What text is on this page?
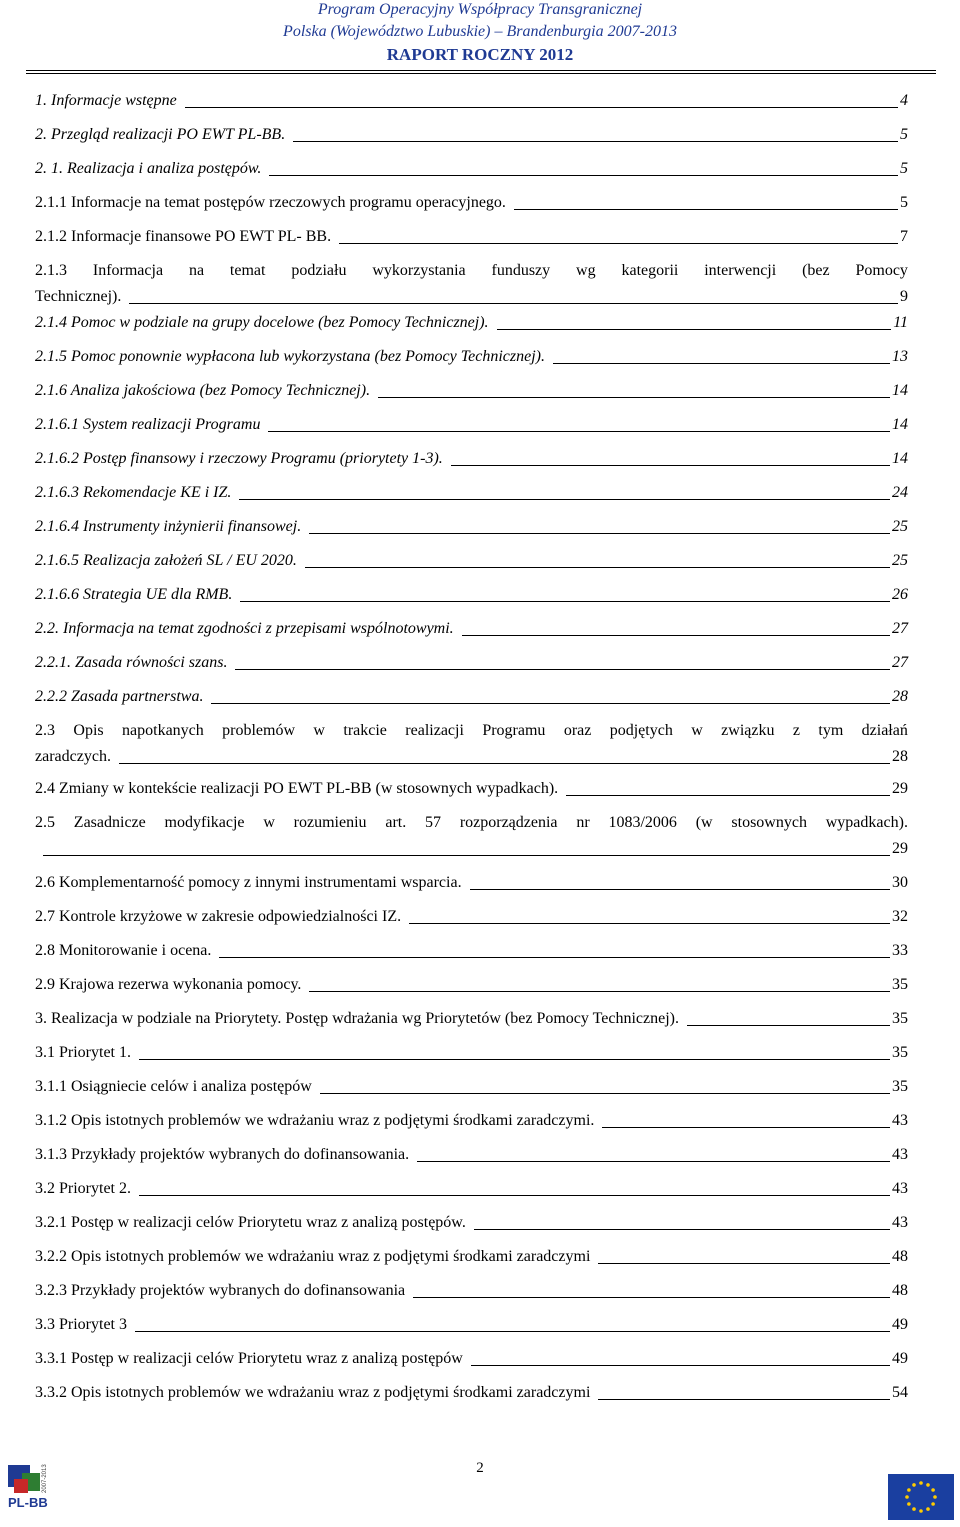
Program Operacyjny Współpracy Transgranicznej
Polska (Województwo Lubuskie) – Brandenburgia 2007-2013
RAPORT ROCZNY 2012
1. Informacje wstępne	4
2. Przegląd realizacji PO EWT PL-BB.	5
2. 1. Realizacja i analiza postępów.	5
2.1.1 Informacje na temat postępów rzeczowych programu operacyjnego.	5
2.1.2 Informacje finansowe PO EWT PL- BB.	7
2.1.3 Informacja na temat podziału wykorzystania funduszy wg kategorii interwencji (bez Pomocy
Technicznej).	9
2.1.4 Pomoc w podziale na grupy docelowe (bez Pomocy Technicznej).	11
2.1.5 Pomoc ponownie wypłacona lub wykorzystana (bez Pomocy Technicznej).	13
2.1.6 Analiza jakościowa (bez Pomocy Technicznej).	14
2.1.6.1 System realizacji Programu	14
2.1.6.2 Postęp finansowy i rzeczowy Programu (priorytety 1-3).	14
2.1.6.3 Rekomendacje KE i IZ.	24
2.1.6.4 Instrumenty inżynierii finansowej.	25
2.1.6.5 Realizacja założeń SL / EU 2020.	25
2.1.6.6 Strategia UE dla RMB.	26
2.2. Informacja na temat zgodności z przepisami wspólnotowymi.	27
2.2.1. Zasada równości szans.	27
2.2.2 Zasada partnerstwa.	28
2.3 Opis napotkanych problemów w trakcie realizacji Programu oraz podjętych w związku z tym działań
zaradczych.	28
2.4 Zmiany w kontekście realizacji PO EWT PL-BB (w stosownych wypadkach).	29
2.5 Zasadnicze modyfikacje w rozumieniu art. 57 rozporządzenia nr 1083/2006 (w stosownych wypadkach).
29
2.6 Komplementarność pomocy z innymi instrumentami wsparcia.	30
2.7 Kontrole krzyżowe w zakresie odpowiedzialności IZ.	32
2.8 Monitorowanie i ocena.	33
2.9 Krajowa rezerwa wykonania pomocy.	35
3. Realizacja w podziale na Priorytety. Postęp wdrażania wg Priorytetów (bez Pomocy Technicznej).	35
3.1 Priorytet 1.	35
3.1.1 Osiągniecie celów i analiza postępów	35
3.1.2 Opis istotnych problemów we wdrażaniu wraz z podjętymi środkami zaradczymi.	43
3.1.3 Przykłady projektów wybranych do dofinansowania.	43
3.2 Priorytet 2.	43
3.2.1 Postęp w realizacji celów Priorytetu wraz z analizą postępów.	43
3.2.2 Opis istotnych problemów we wdrażaniu wraz z podjętymi środkami zaradczymi	48
3.2.3 Przykłady projektów wybranych do dofinansowania	48
3.3 Priorytet 3	49
3.3.1 Postęp w realizacji celów Priorytetu wraz z analizą postępów	49
3.3.2 Opis istotnych problemów we wdrażaniu wraz z podjętymi środkami zaradczymi	54
2
PL-BB
2007-2013
